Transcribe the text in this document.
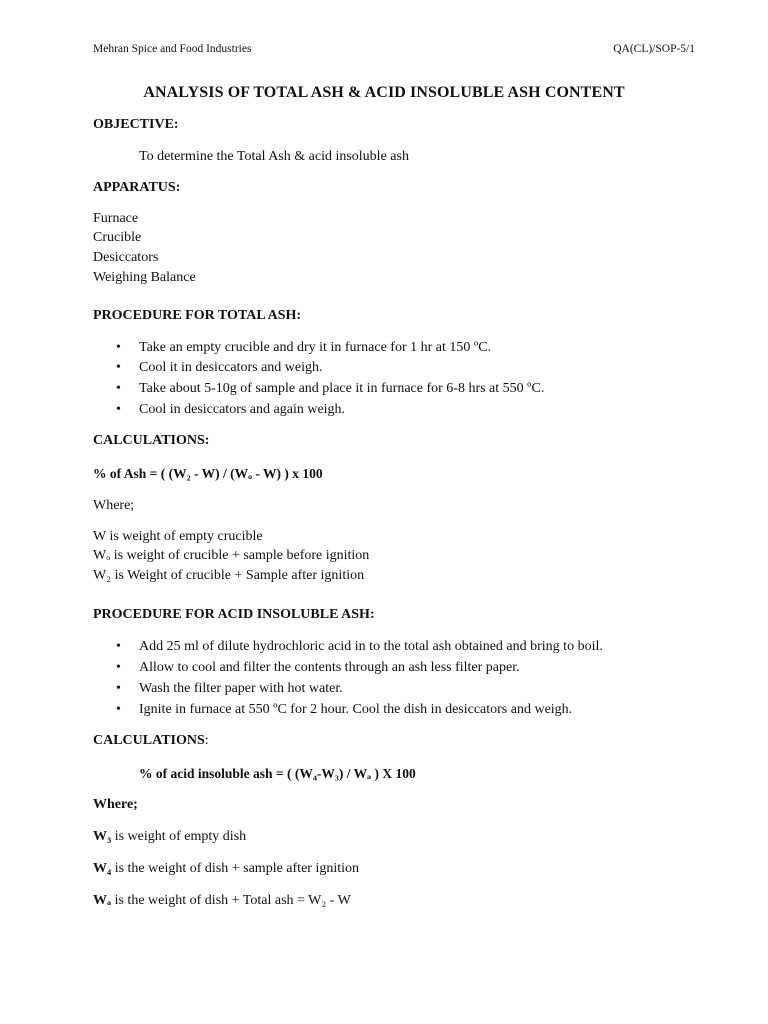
Mehran Spice and Food Industries	QA(CL)/SOP-5/1
ANALYSIS OF TOTAL ASH & ACID INSOLUBLE ASH CONTENT
OBJECTIVE:
To determine the Total Ash & acid insoluble ash
APPARATUS:
Furnace
Crucible
Desiccators
Weighing Balance
PROCEDURE FOR TOTAL ASH:
• Take an empty crucible and dry it in furnace for 1 hr at 150 ºC.
• Cool it in desiccators and weigh.
• Take about 5-10g of sample and place it in furnace for 6-8 hrs at 550 ºC.
• Cool in desiccators and again weigh.
CALCULATIONS:
% of Ash = ( (W₂ - W) / (Wₒ - W) ) x 100
Where;
W is weight of empty crucible
Wₒ is weight of crucible + sample before ignition
W₂ is Weight of crucible + Sample after ignition
PROCEDURE FOR ACID INSOLUBLE ASH:
• Add 25 ml of dilute hydrochloric acid in to the total ash obtained and bring to boil.
• Allow to cool and filter the contents through an ash less filter paper.
• Wash the filter paper with hot water.
• Ignite in furnace at 550 ºC for 2 hour. Cool the dish in desiccators and weigh.
CALCULATIONS:
% of acid insoluble ash = ( (W₄-W₃) / Wₐ ) X 100
Where;
W₃ is weight of empty dish
W₄ is the weight of dish + sample after ignition
Wₐ is the weight of dish + Total ash = W₂ - W
